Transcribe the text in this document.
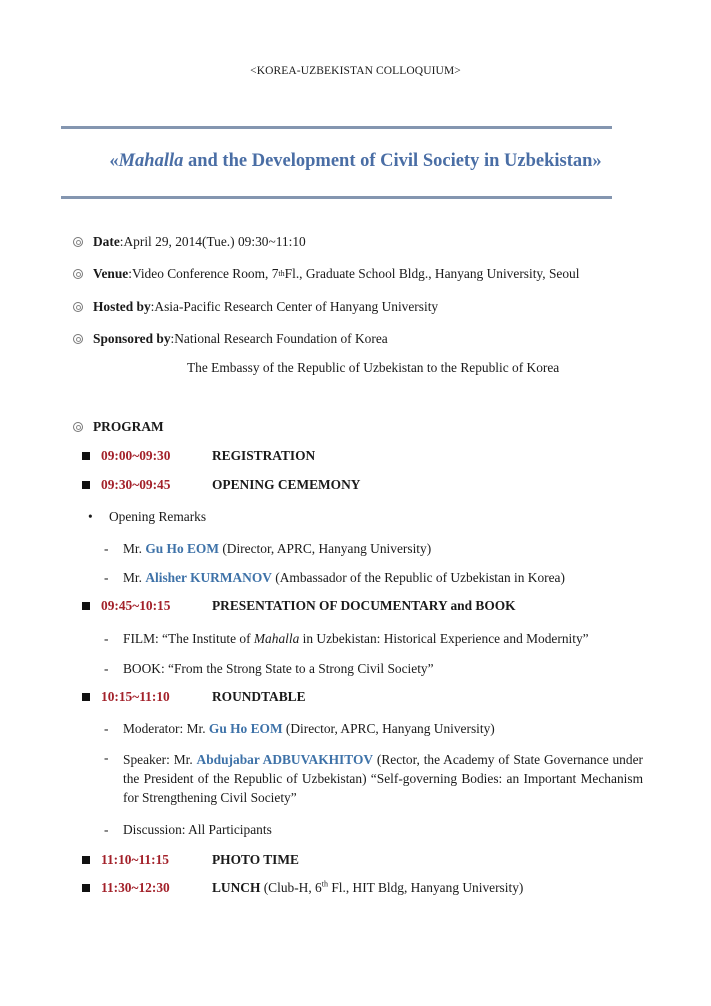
<KOREA-UZBEKISTAN COLLOQUIUM>
«Mahalla and the Development of Civil Society in Uzbekistan»
Date : April 29, 2014(Tue.) 09:30~11:10
Venue : Video Conference Room, 7 th Fl., Graduate School Bldg., Hanyang University, Seoul
Hosted by : Asia-Pacific Research Center of Hanyang University
Sponsored by : National Research Foundation of Korea
The Embassy of the Republic of Uzbekistan to the Republic of Korea
PROGRAM
09:00~09:30	REGISTRATION
09:30~09:45	OPENING CEMEMONY
• Opening Remarks
-	Mr. Gu Ho EOM (Director, APRC, Hanyang University)
-	Mr. Alisher KURMANOV (Ambassador of the Republic of Uzbekistan in Korea)
09:45~10:15	PRESENTATION OF DOCUMENTARY and BOOK
-	FILM: “The Institute of Mahalla in Uzbekistan: Historical Experience and Modernity”
-	BOOK: “From the Strong State to a Strong Civil Society”
10:15~11:10	ROUNDTABLE
-	Moderator: Mr. Gu Ho EOM (Director, APRC, Hanyang University)
-	Speaker: Mr. Abdujabar ADBUVAKHITOV (Rector, the Academy of State Governance under the President of the Republic of Uzbekistan) “Self-governing Bodies: an Important Mechanism for Strengthening Civil Society”
-	Discussion: All Participants
11:10~11:15	PHOTO TIME
11:30~12:30	LUNCH (Club-H, 6th Fl., HIT Bldg, Hanyang University)
